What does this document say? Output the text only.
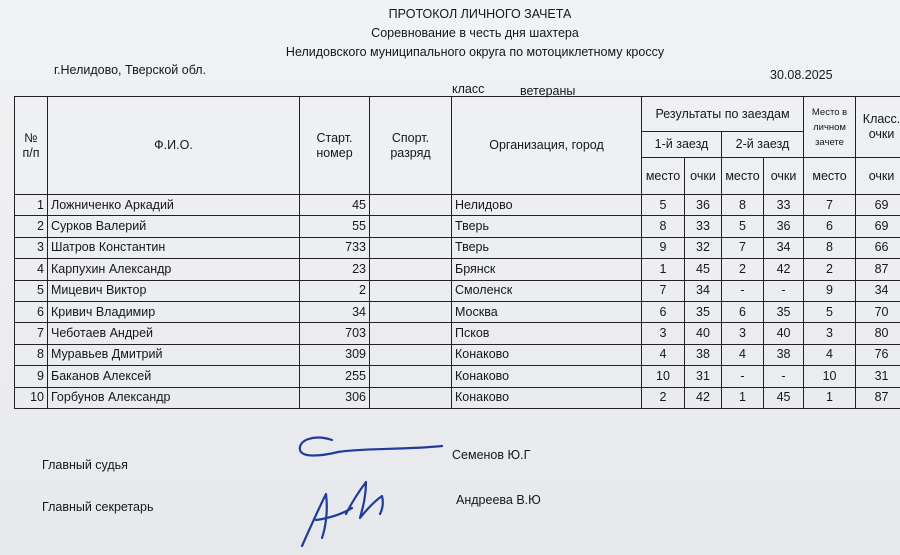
ПРОТОКОЛ ЛИЧНОГО ЗАЧЕТА
Соревнование в честь дня шахтера
Нелидовского муниципального округа по мотоциклетному кроссу
г.Нелидово, Тверской обл.	30.08.2025
класс	ветераны
№ п/п	Ф.И.О.	Старт. номер	Спорт. разряд	Организация, город	Результаты по заездам				Место в личном зачете	Класс. очки
					1-й заезд		2-й заезд			
					место	очки	место	очки	место	очки
1	Ложниченко Аркадий	45		Нелидово	5	36	8	33	7	69
2	Сурков Валерий	55		Тверь	8	33	5	36	6	69
3	Шатров Константин	733		Тверь	9	32	7	34	8	66
4	Карпухин Александр	23		Брянск	1	45	2	42	2	87
5	Мицевич Виктор	2		Смоленск	7	34	-	-	9	34
6	Кривич Владимир	34		Москва	6	35	6	35	5	70
7	Чеботаев Андрей	703		Псков	3	40	3	40	3	80
8	Муравьев Дмитрий	309		Конаково	4	38	4	38	4	76
9	Баканов Алексей	255		Конаково	10	31	-	-	10	31
10	Горбунов Александр	306		Конаково	2	42	1	45	1	87
Главный судья
Семенов Ю.Г
Главный секретарь	Андреева В.Ю
